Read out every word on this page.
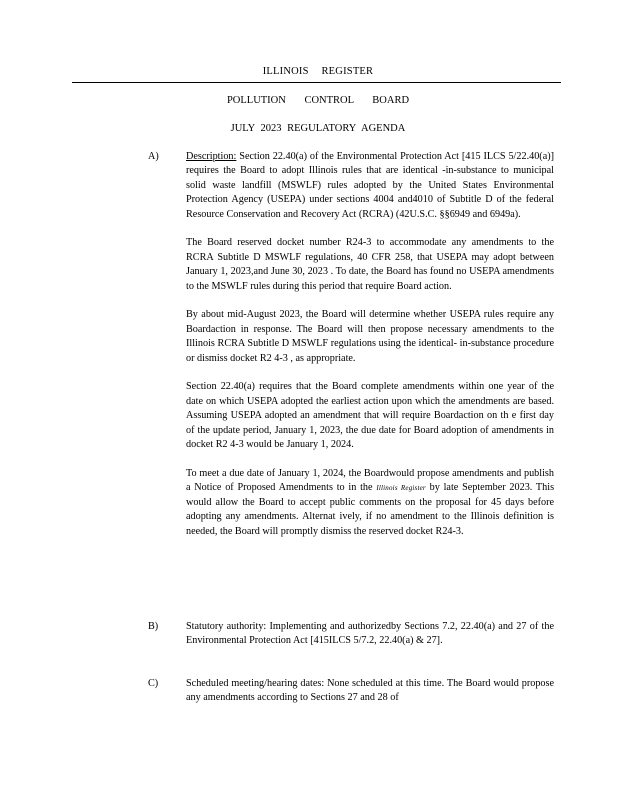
ILLINOIS REGISTER
POLLUTION CONTROL BOARD
JULY 2023 REGULATORY AGENDA
A)	Description: Section 22.40(a) of the Environmental Protection Act [415 ILCS 5/22.40(a)] requires the Board to adopt Illinois rules that are identical -in-substance to municipal solid waste landfill (MSWLF) rules adopted by the United States Environmental Protection Agency (USEPA) under sections 4004 and4010 of Subtitle D of the federal Resource Conservation and Recovery Act (RCRA) (42U.S.C. §§6949 and 6949a).

The Board reserved docket number R24-3 to accommodate any amendments to the RCRA Subtitle D MSWLF regulations, 40 CFR 258, that USEPA may adopt between January 1, 2023,and June 30, 2023 . To date, the Board has found no USEPA amendments to the MSWLF rules during this period that require Board action.

By about mid-August 2023, the Board will determine whether USEPA rules require any Boardaction in response. The Board will then propose necessary amendments to the Illinois RCRA Subtitle D MSWLF regulations using the identical- in-substance procedure or dismiss docket R2 4-3 , as appropriate.

Section 22.40(a) requires that the Board complete amendments within one year of the date on which USEPA adopted the earliest action upon which the amendments are based. Assuming USEPA adopted an amendment that will require Boardaction on th e first day of the update period, January 1, 2023, the due date for Board adoption of amendments in docket R2 4-3 would be January 1, 2024.

To meet a due date of January 1, 2024, the Boardwould propose amendments and publish a Notice of Proposed Amendments to in the Illinois Register by late September 2023. This would allow the Board to accept public comments on the proposal for 45 days before adopting any amendments. Alternat ively, if no amendment to the Illinois definition is needed, the Board will promptly dismiss the reserved docket R24-3.

B)	Statutory authority: Implementing and authorizedby Sections 7.2, 22.40(a) and 27 of the Environmental Protection Act [415ILCS 5/7.2, 22.40(a) & 27].
C)	Scheduled meeting/hearing dates: None scheduled at this time. The Board would propose any amendments according to Sections 27 and 28 of
